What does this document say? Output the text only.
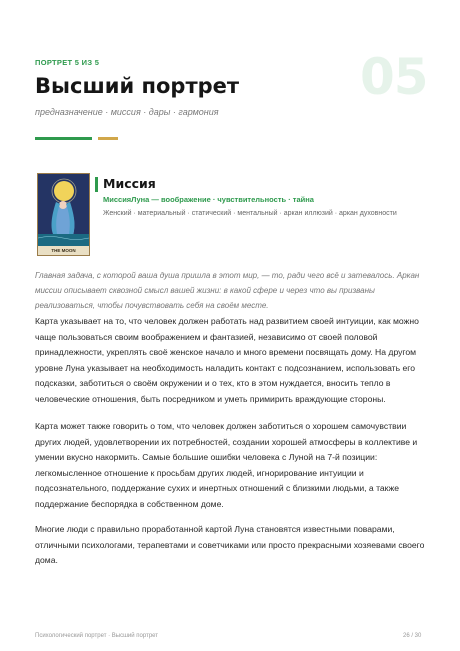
ПОРТРЕТ 5 ИЗ 5	05
Высший портрет
предназначение · миссия · дары · гармония
THE MOON
Миссия
МиссияЛуна — воображение · чувствительность · тайна
Женский · материальный · статический · ментальный · аркан иллюзий · аркан духовности
Главная задача, с которой ваша душа пришла в этот мир, — то, ради чего всё и затевалось. Аркан миссии описывает сквозной смысл вашей жизни: в какой сфере и через что вы призваны реализоваться, чтобы почувствовать себя на своём месте.
Карта указывает на то, что человек должен работать над развитием своей интуиции, как можно чаще пользоваться своим воображением и фантазией, независимо от своей половой принадлежности, укреплять своё женское начало и много времени посвящать дому. На другом уровне Луна указывает на необходимость наладить контакт с подсознанием, использовать его подсказки, заботиться о своём окружении и о тех, кто в этом нуждается, вносить тепло в человеческие отношения, быть посредником и уметь примирить враждующие стороны.
Карта может также говорить о том, что человек должен заботиться о хорошем самочувствии других людей, удовлетворении их потребностей, создании хорошей атмосферы в коллективе и умении вкусно накормить. Самые большие ошибки человека с Луной на 7-й позиции: легкомысленное отношение к просьбам других людей, игнорирование интуиции и подсознательного, поддержание сухих и инертных отношений с близкими людьми, а также поддержание беспорядка в собственном доме.
Многие люди с правильно проработанной картой Луна становятся известными поварами, отличными психологами, терапевтами и советчиками или просто прекрасными хозяевами своего дома.
Психологический портрет · Высший портрет	26 / 30
